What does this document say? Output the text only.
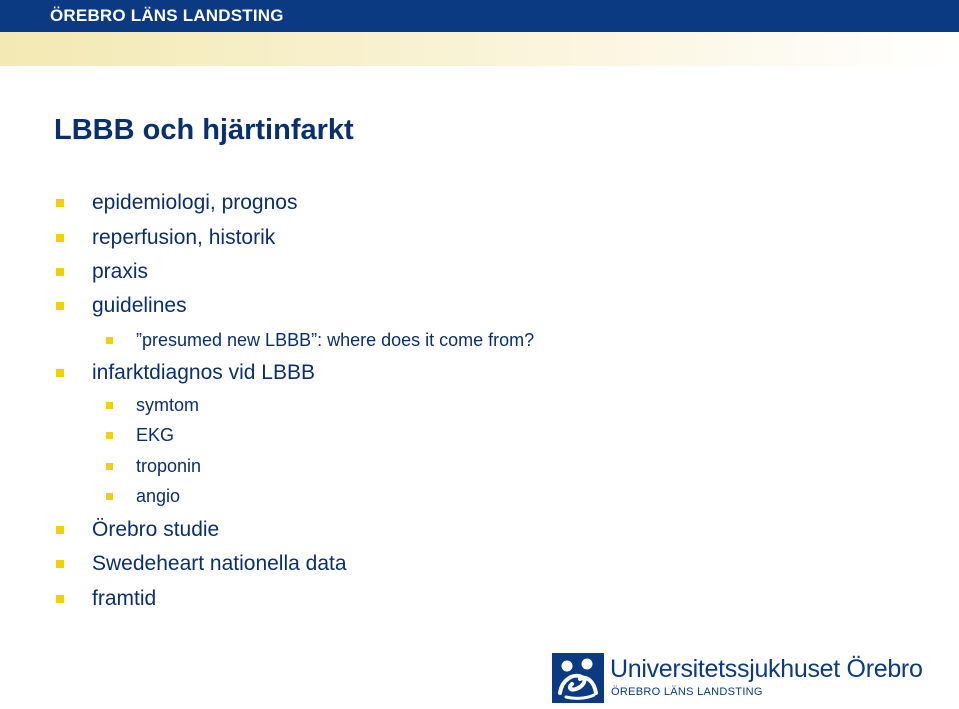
ÖREBRO LÄNS LANDSTING
LBBB och hjärtinfarkt
epidemiologi, prognos
reperfusion, historik
praxis
guidelines
”presumed new LBBB”: where does it come from?
infarktdiagnos vid LBBB
symtom
EKG
troponin
angio
Örebro studie
Swedeheart nationella data
framtid
Universitetssjukhuset Örebro
ÖREBRO LÄNS LANDSTING
